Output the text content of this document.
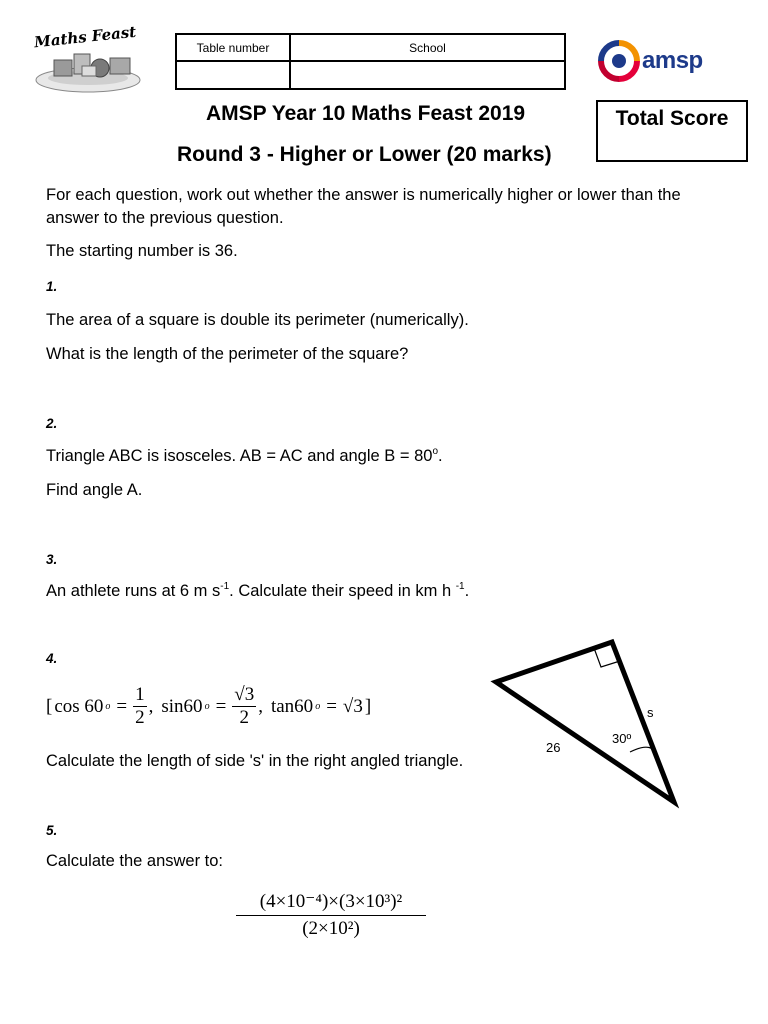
Maths Feast	Table number	School
		amsp
AMSP Year 10 Maths Feast 2019
Round 3 - Higher or Lower (20 marks)
Total Score
For each question, work out whether the answer is numerically higher or lower than the answer to the previous question.
The starting number is 36.
1.
The area of a square is double its perimeter (numerically).
What is the length of the perimeter of the square?
2.
Triangle ABC is isosceles. AB = AC and angle $B = 80^o$.
Find angle A.
3.
An athlete runs at 6 m $s^{-1}$. Calculate their speed in km h $^{-1}$.
4.
[ cos 60 $o = \frac{1}{2}$ , sin60 $o = \frac{√3}{2}$ , tan60 o = √3 ]
Calculate the length of side 's' in the right angled triangle.
26
s
30º
5.
Calculate the answer to:
$\frac{\text{(4×10⁻⁴)×(3×10³)²}}{\text{(2×10²)}}$
